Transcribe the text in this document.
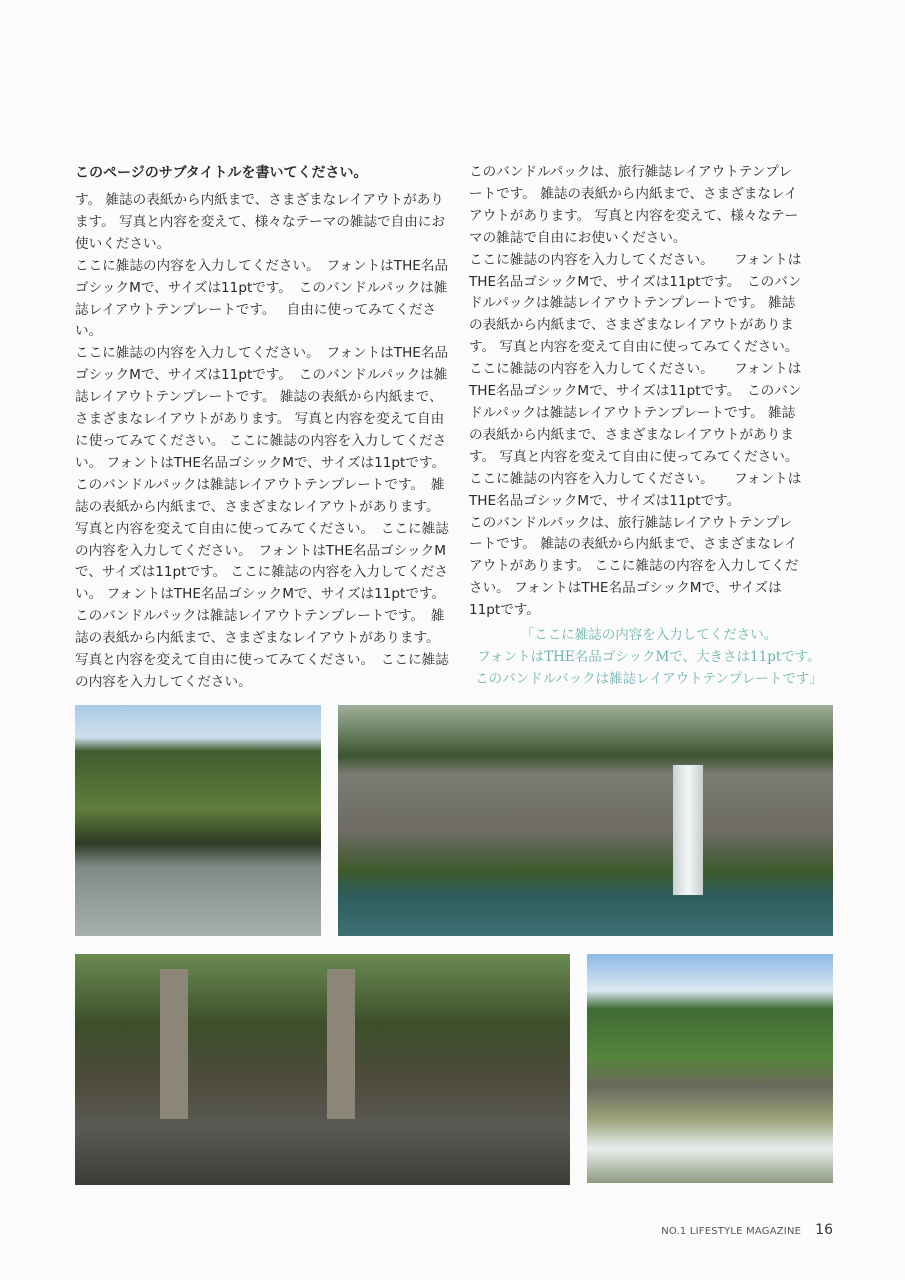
このページのサブタイトルを書いてください。
す。 雑誌の表紙から内紙まで、さまざまなレイアウトがあり
ます。 写真と内容を変えて、様々なテーマの雑誌で自由にお
使いください。
ここに雑誌の内容を入力してください。　フォントはTHE名品
ゴシックMで、サイズは11ptです。　このバンドルパックは雑
誌レイアウトテンプレートです。　 自由に使ってみてくださ
い。
ここに雑誌の内容を入力してください。　フォントはTHE名品
ゴシックMで、サイズは11ptです。　このバンドルパックは雑
誌レイアウトテンプレートです。 雑誌の表紙から内紙まで、
さまざまなレイアウトがあります。 写真と内容を変えて自由
に使ってみてください。 ここに雑誌の内容を入力してくださ
い。 フォントはTHE名品ゴシックMで、サイズは11ptです。
このバンドルパックは雑誌レイアウトテンプレートです。　雑
誌の表紙から内紙まで、さまざまなレイアウトがあります。
写真と内容を変えて自由に使ってみてください。　ここに雑誌
の内容を入力してください。　フォントはTHE名品ゴシックM
で、サイズは11ptです。 ここに雑誌の内容を入力してくださ
い。 フォントはTHE名品ゴシックMで、サイズは11ptです。
このバンドルパックは雑誌レイアウトテンプレートです。　雑
誌の表紙から内紙まで、さまざまなレイアウトがあります。
写真と内容を変えて自由に使ってみてください。　ここに雑誌
の内容を入力してください。
このバンドルパックは、旅行雑誌レイアウトテンプレ
ートです。 雑誌の表紙から内紙まで、さまざまなレイ
アウトがあります。 写真と内容を変えて、様々なテー
マの雑誌で自由にお使いください。
ここに雑誌の内容を入力してください。　　フォントは
THE名品ゴシックMで、サイズは11ptです。　このバン
ドルパックは雑誌レイアウトテンプレートです。 雑誌
の表紙から内紙まで、さまざまなレイアウトがありま
す。 写真と内容を変えて自由に使ってみてください。
ここに雑誌の内容を入力してください。　　フォントは
THE名品ゴシックMで、サイズは11ptです。　このバン
ドルパックは雑誌レイアウトテンプレートです。 雑誌
の表紙から内紙まで、さまざまなレイアウトがありま
す。 写真と内容を変えて自由に使ってみてください。
ここに雑誌の内容を入力してください。　　フォントは
THE名品ゴシックMで、サイズは11ptです。
このバンドルパックは、旅行雑誌レイアウトテンプレ
ートです。 雑誌の表紙から内紙まで、さまざまなレイ
アウトがあります。 ここに雑誌の内容を入力してくだ
さい。 フォントはTHE名品ゴシックMで、サイズは
11ptです。
「ここに雑誌の内容を入力してください。
フォントはTHE名品ゴシックMで、大きさは11ptです。
このバンドルパックは雑誌レイアウトテンプレートです」
NO.1 LIFESTYLE MAGAZINE 16
